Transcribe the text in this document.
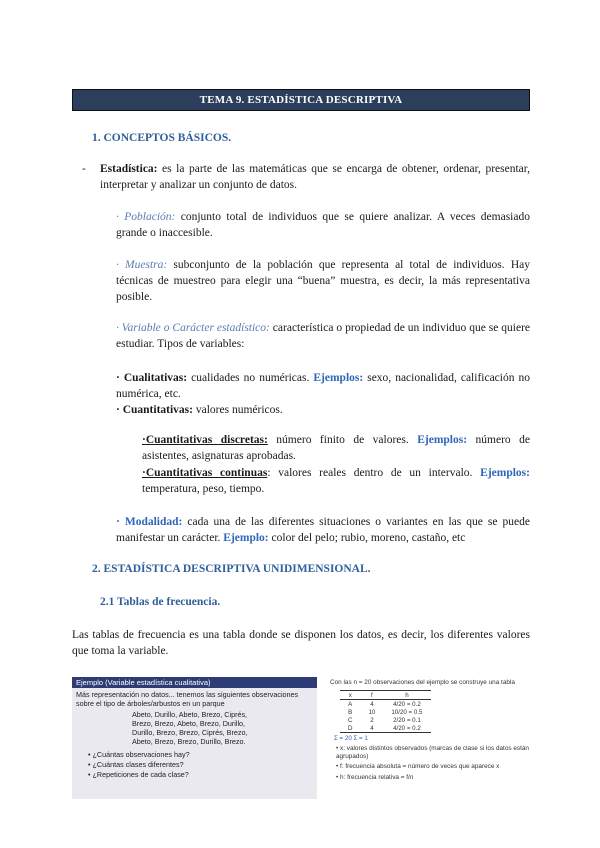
TEMA 9. ESTADÍSTICA DESCRIPTIVA
1. CONCEPTOS BÁSICOS.
-	Estadística: es la parte de las matemáticas que se encarga de obtener, ordenar, presentar, interpretar y analizar un conjunto de datos.
· Población: conjunto total de individuos que se quiere analizar. A veces demasiado grande o inaccesible.
· Muestra: subconjunto de la población que representa al total de individuos. Hay técnicas de muestreo para elegir una “buena” muestra, es decir, la más representativa posible.
· Variable o Carácter estadístico: característica o propiedad de un individuo que se quiere estudiar. Tipos de variables:
· Cualitativas: cualidades no numéricas. Ejemplos: sexo, nacionalidad, calificación no numérica, etc.
· Cuantitativas: valores numéricos.
·Cuantitativas discretas: número finito de valores. Ejemplos: número de asistentes, asignaturas aprobadas.
·Cuantitativas continuas: valores reales dentro de un intervalo. Ejemplos: temperatura, peso, tiempo.
· Modalidad: cada una de las diferentes situaciones o variantes en las que se puede manifestar un carácter. Ejemplo: color del pelo; rubio, moreno, castaño, etc
2. ESTADÍSTICA DESCRIPTIVA UNIDIMENSIONAL.
2.1 Tablas de frecuencia.
Las tablas de frecuencia es una tabla donde se disponen los datos, es decir, los diferentes valores que toma la variable.
Ejemplo (Variable estadística cualitativa)
Más representación no datos... tenemos las siguientes observaciones sobre el tipo de árboles/arbustos en un parque
Abeto, Durillo, Abeto, Brezo, Ciprés,
Brezo, Brezo, Abeto, Brezo, Durillo,
Durillo, Brezo, Brezo, Ciprés, Brezo,
Abeto, Brezo, Brezo, Durillo, Brezo.
• ¿Cuántas observaciones hay?
• ¿Cuántas clases diferentes?
• ¿Repeticiones de cada clase?
Con las n = 20 observaciones del ejemplo se construye una tabla
x	f	h
A	4	4/20 = 0.2
B	10	10/20 = 0.5
C	2	2/20 = 0.1
D	4	4/20 = 0.2
Σ = 20 Σ = 1
• x: valores distintos observados (marcas de clase si los datos están agrupados)
• f: frecuencia absoluta = número de veces que aparece x
• h: frecuencia relativa = f/n
